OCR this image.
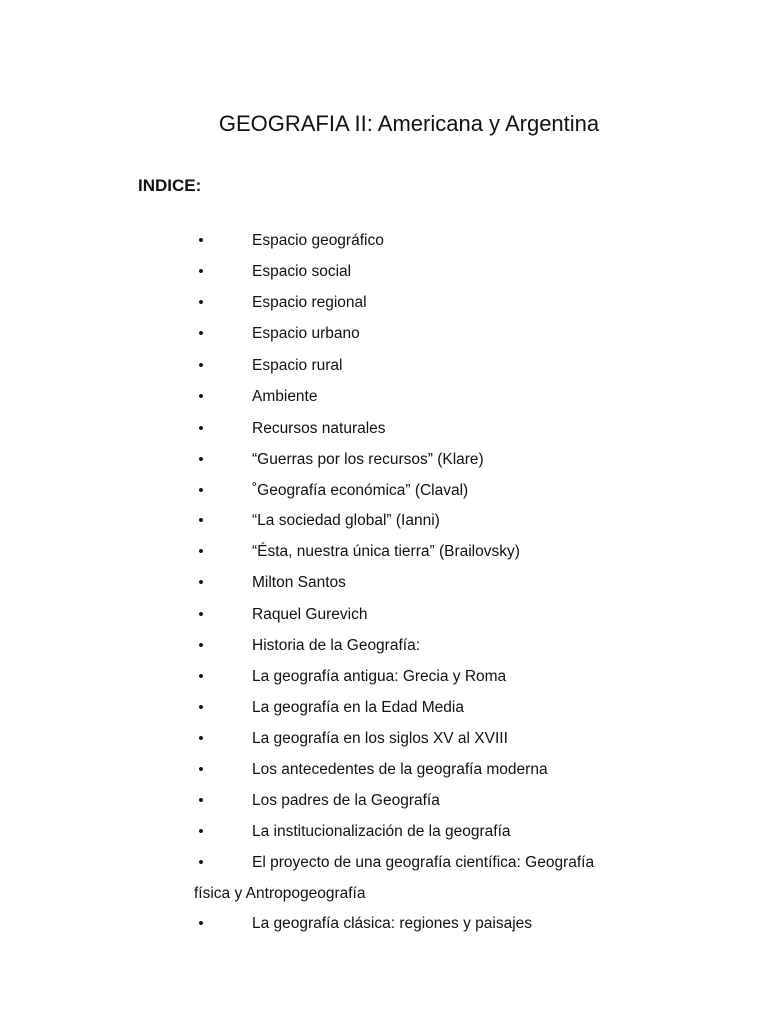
GEOGRAFIA II: Americana y Argentina
INDICE:
•	Espacio geográfico
•	Espacio social
•	Espacio regional
•	Espacio urbano
•	Espacio rural
•	Ambiente
•	Recursos naturales
•	“Guerras por los recursos” (Klare)
•	˚Geografía económica” (Claval)
•	“La sociedad global” (Ianni)
•	“Ésta, nuestra única tierra” (Brailovsky)
•	Milton Santos
•	Raquel Gurevich
•	Historia de la Geografía:
•	La geografía antigua: Grecia y Roma
•	La geografía en la Edad Media
•	La geografía en los siglos XV al XVIII
•	Los antecedentes de la geografía moderna
•	Los padres de la Geografía
•	La institucionalización de la geografía
•	El proyecto de una geografía científica: Geografía
física y Antropogeografía
•	La geografía clásica: regiones y paisajes
